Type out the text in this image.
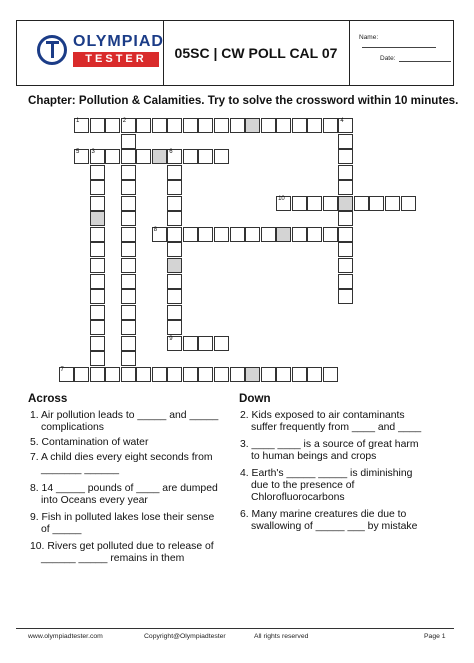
OLYMPIAD
TESTER	05SC | CW POLL CAL 07
Name:
Date:
Chapter: Pollution & Calamities. Try to solve the crossword within 10 minutes.
1	2	4
3
5	6
9
7
8
10
Across	Down
1. Air pollution leads to _____ and _____
complications
5. Contamination of water
7. A child dies every eight seconds from
_______ ______
8. 14 _____ pounds of ____ are dumped
into Oceans every year
9. Fish in polluted lakes lose their sense
of _____
10. Rivers get polluted due to release of
______ _____ remains in them
2. Kids exposed to air contaminants
suffer frequently from ____ and ____
3. ____ ____ is a source of great harm
to human beings and crops
4. Earth's _____ _____ is diminishing
due to the presence of
Chlorofluorocarbons
6. Many marine creatures die due to
swallowing of _____ ___ by mistake
www.olympiadtester.com	Copyright@Olympiadtester	All rights reserved	Page 1
